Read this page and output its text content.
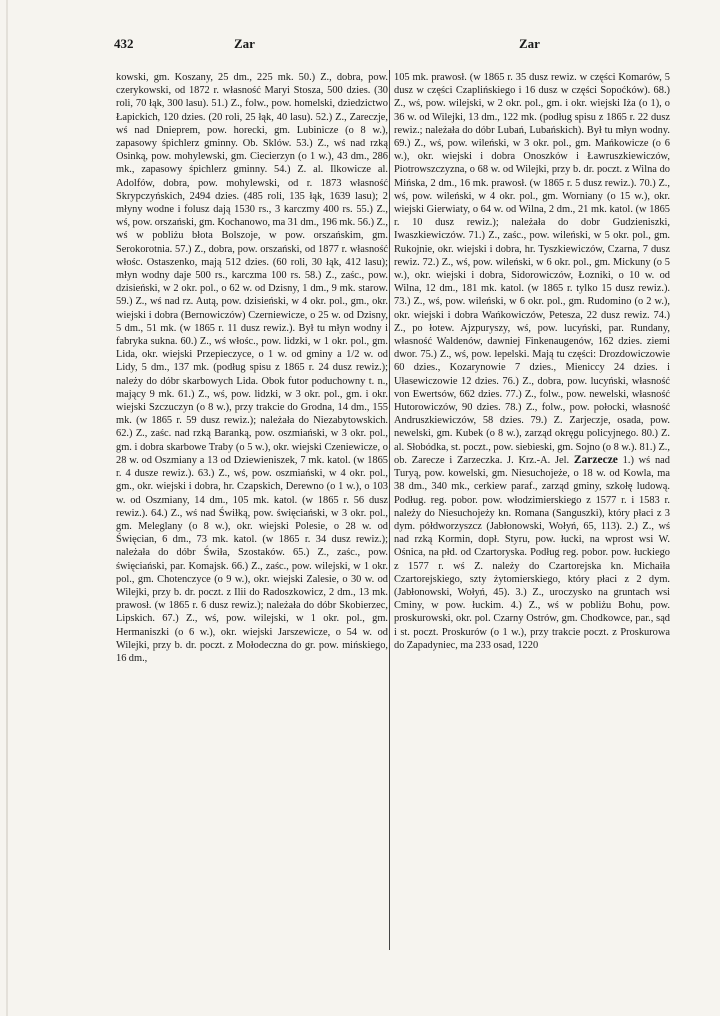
432	Zar	Zar
kowski, gm. Koszany, 25 dm., 225 mk. 50.) Z., dobra, pow. czerykowski, od 1872 r. własność Maryi Stosza, 500 dzies. (30 roli, 70 łąk, 300 lasu). 51.) Z., folw., pow. homelski, dziedzictwo Łapickich, 120 dzies. (20 roli, 25 łąk, 40 lasu). 52.) Z., Zareczje, wś nad Dnieprem, pow. horecki, gm. Lubinicze (o 8 w.), zapasowy śpichlerz gminny. Ob. Sklów. 53.) Z., wś nad rzką Osinką, pow. mohylewski, gm. Ciecierzyn (o 1 w.), 43 dm., 286 mk., zapasowy śpichlerz gminny. 54.) Z. al. Ilkowicze al. Adolfów, dobra, pow. mohylewski, od r. 1873 własność Skrypczyńskich, 2494 dzies. (485 roli, 135 łąk, 1639 lasu); 2 młyny wodne i folusz dają 1530 rs., 3 karczmy 400 rs. 55.) Z., wś, pow. orszański, gm. Kochanowo, ma 31 dm., 196 mk. 56.) Z., wś w pobliżu błota Bolszoje, w pow. orszańskim, gm. Serokorotnia. 57.) Z., dobra, pow. orszański, od 1877 r. własność włośc. Ostaszenko, mają 512 dzies. (60 roli, 30 łąk, 412 lasu); młyn wodny daje 500 rs., karczma 100 rs. 58.) Z., zaśc., pow. dzisieński, w 2 okr. pol., o 62 w. od Dzisny, 1 dm., 9 mk. starow. 59.) Z., wś nad rz. Autą, pow. dzisieński, w 4 okr. pol., gm., okr. wiejski i dobra (Bernowiczów) Czerniewicze, o 25 w. od Dzisny, 5 dm., 51 mk. (w 1865 r. 11 dusz rewiz.). Był tu młyn wodny i fabryka sukna. 60.) Z., wś włośc., pow. lidzki, w 1 okr. pol., gm. Lida, okr. wiejski Przepieczyce, o 1 w. od gminy a 1/2 w. od Lidy, 5 dm., 137 mk. (podług spisu z 1865 r. 24 dusz rewiz.); należy do dóbr skarbowych Lida. Obok futor poduchowny t. n., mający 9 mk. 61.) Z., wś, pow. lidzki, w 3 okr. pol., gm. i okr. wiejski Szczuczyn (o 8 w.), przy trakcie do Grodna, 14 dm., 155 mk. (w 1865 r. 59 dusz rewiz.); należała do Niezabytowskich. 62.) Z., zaśc. nad rzką Baranką, pow. oszmiański, w 3 okr. pol., gm. i dobra skarbowe Traby (o 5 w.), okr. wiejski Czeniewicze, o 28 w. od Oszmiany a 13 od Dziewieniszek, 7 mk. katol. (w 1865 r. 4 dusze rewiz.). 63.) Z., wś, pow. oszmiański, w 4 okr. pol., gm., okr. wiejski i dobra, hr. Czapskich, Derewno (o 1 w.), o 103 w. od Oszmiany, 14 dm., 105 mk. katol. (w 1865 r. 56 dusz rewiz.). 64.) Z., wś nad Świłką, pow. święciański, w 3 okr. pol., gm. Meleglany (o 8 w.), okr. wiejski Polesie, o 28 w. od Święcian, 6 dm., 73 mk. katol. (w 1865 r. 34 dusz rewiz.); należała do dóbr Świła, Szostaków. 65.) Z., zaśc., pow. święciański, par. Komajsk. 66.) Z., zaśc., pow. wilejski, w 1 okr. pol., gm. Chotenczyce (o 9 w.), okr. wiejski Zalesie, o 30 w. od Wilejki, przy b. dr. poczt. z Ilii do Radoszkowicz, 2 dm., 13 mk. prawosł. (w 1865 r. 6 dusz rewiz.); należała do dóbr Skobierzec, Lipskich. 67.) Z., wś, pow. wilejski, w 1 okr. pol., gm. Hermaniszki (o 6 w.), okr. wiejski Jarszewicze, o 54 w. od Wilejki, przy b. dr. poczt. z Mołodeczna do gr. pow. mińskiego, 16 dm.,
105 mk. prawosł. (w 1865 r. 35 dusz rewiz. w części Komarów, 5 dusz w części Czaplińskiego i 16 dusz w części Sopoćków). 68.) Z., wś, pow. wilejski, w 2 okr. pol., gm. i okr. wiejski Iża (o 1), o 36 w. od Wilejki, 13 dm., 122 mk. (podług spisu z 1865 r. 22 dusz rewiz.; należała do dóbr Lubań, Lubańskich). Był tu młyn wodny. 69.) Z., wś, pow. wileński, w 3 okr. pol., gm. Mańkowicze (o 6 w.), okr. wiejski i dobra Onoszków i Ławruszkiewiczów, Piotrowszczyzna, o 68 w. od Wilejki, przy b. dr. poczt. z Wilna do Mińska, 2 dm., 16 mk. prawosł. (w 1865 r. 5 dusz rewiz.). 70.) Z., wś, pow. wileński, w 4 okr. pol., gm. Worniany (o 15 w.), okr. wiejski Gierwiaty, o 64 w. od Wilna, 2 dm., 21 mk. katol. (w 1865 r. 10 dusz rewiz.); należała do dobr Gudzieniszki, Iwaszkiewiczów. 71.) Z., zaśc., pow. wileński, w 5 okr. pol., gm. Rukojnie, okr. wiejski i dobra, hr. Tyszkiewiczów, Czarna, 7 dusz rewiz. 72.) Z., wś, pow. wileński, w 6 okr. pol., gm. Mickuny (o 5 w.), okr. wiejski i dobra, Sidorowiczów, Łozniki, o 10 w. od Wilna, 12 dm., 181 mk. katol. (w 1865 r. tylko 15 dusz rewiz.). 73.) Z., wś, pow. wileński, w 6 okr. pol., gm. Rudomino (o 2 w.), okr. wiejski i dobra Wańkowiczów, Petesza, 22 dusz rewiz. 74.) Z., po łotew. Ajzpuryszy, wś, pow. lucyński, par. Rundany, własność Waldenów, dawniej Finkenaugenów, 162 dzies. ziemi dwor. 75.) Z., wś, pow. lepelski. Mają tu części: Drozdowiczowie 60 dzies., Kozarynowie 7 dzies., Mieniccy 24 dzies. i Ułasewiczowie 12 dzies. 76.) Z., dobra, pow. lucyński, własność von Ewertsów, 662 dzies. 77.) Z., folw., pow. newelski, własność Hutorowiczów, 90 dzies. 78.) Z., folw., pow. połocki, własność Andruszkiewiczów, 58 dzies. 79.) Z. Zarjeczje, osada, pow. newelski, gm. Kubek (o 8 w.), zarząd okręgu policyjnego. 80.) Z. al. Słobódka, st. poczt., pow. siebieski, gm. Sojno (o 8 w.). 81.) Z., ob. Zarecze i Zarzeczka. J. Krz.-A. Jel. Zarzecze 1.) wś nad Turyą, pow. kowelski, gm. Niesuchojeże, o 18 w. od Kowla, ma 38 dm., 340 mk., cerkiew paraf., zarząd gminy, szkołę ludową. Podług. reg. pobor. pow. włodzimierskiego z 1577 r. i 1583 r. należy do Niesuchojeży kn. Romana (Sanguszki), który płaci z 3 dym. półdworzyszcz (Jabłonowski, Wołyń, 65, 113). 2.) Z., wś nad rzką Kormin, dopł. Styru, pow. łucki, na wprost wsi W. Ośnica, na płd. od Czartoryska. Podług reg. pobor. pow. łuckiego z 1577 r. wś Z. należy do Czartorejska kn. Michaiła Czartorejskiego, szty żytomierskiego, który płaci z 2 dym. (Jabłonowski, Wołyń, 45). 3.) Z., uroczysko na gruntach wsi Cminy, w pow. łuckim. 4.) Z., wś w pobliżu Bohu, pow. proskurowski, okr. pol. Czarny Ostrów, gm. Chodkowce, par., sąd i st. poczt. Proskurów (o 1 w.), przy trakcie poczt. z Proskurowa do Zapadyniec, ma 233 osad, 1220
